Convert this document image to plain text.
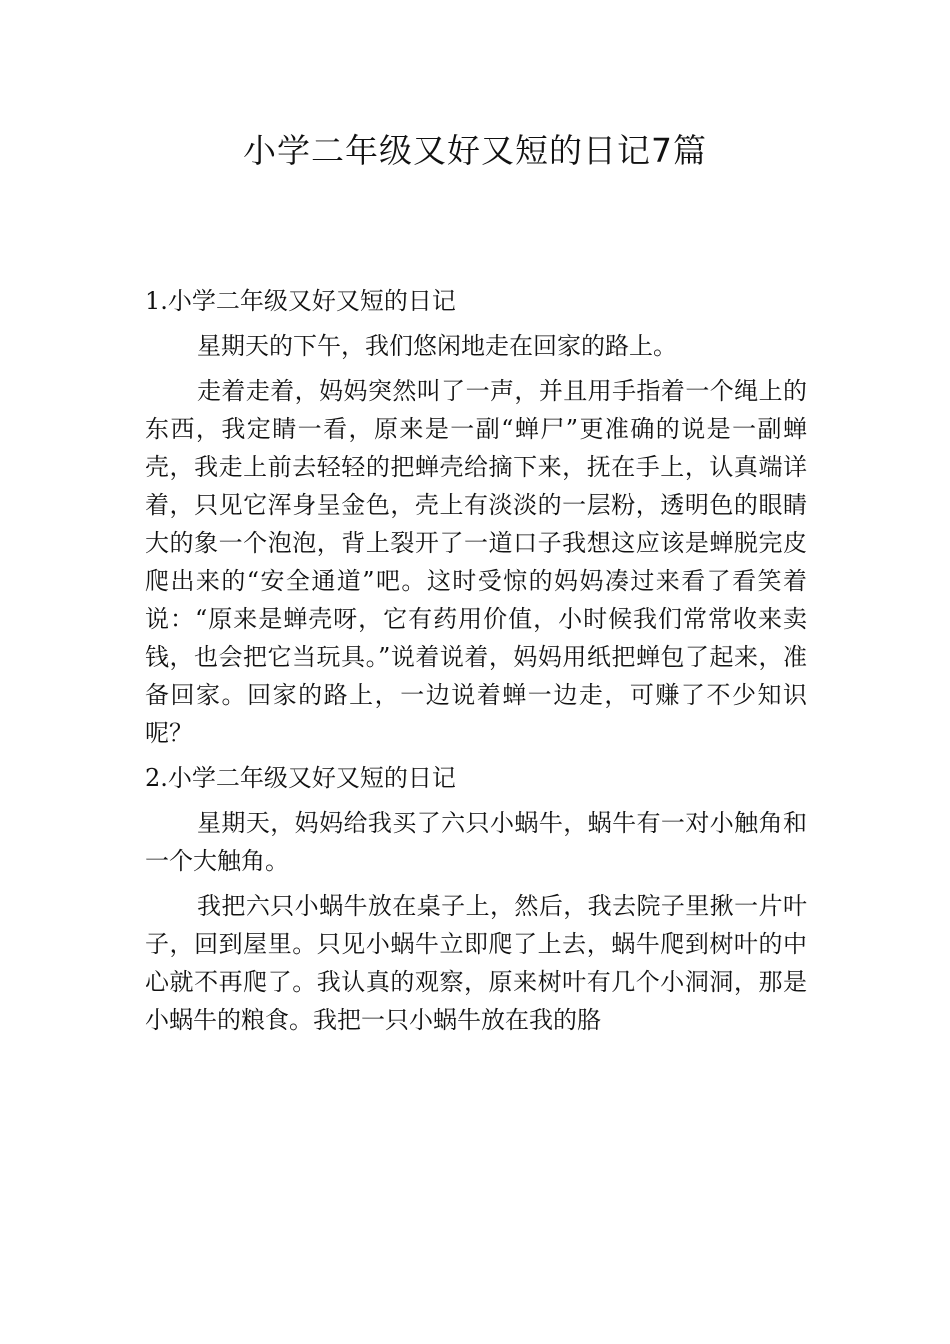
小学二年级又好又短的日记7篇

1.小学二年级又好又短的日记

星期天的下午，我们悠闲地走在回家的路上。

走着走着，妈妈突然叫了一声，并且用手指着一个绳上的东西，我定睛一看，原来是一副“蝉尸”更准确的说是一副蝉壳，我走上前去轻轻的把蝉壳给摘下来，抚在手上，认真端详着，只见它浑身呈金色，壳上有淡淡的一层粉，透明色的眼睛大的象一个泡泡，背上裂开了一道口子我想这应该是蝉脱完皮爬出来的“安全通道”吧。这时受惊的妈妈凑过来看了看笑着说：“原来是蝉壳呀，它有药用价值，小时候我们常常收来卖钱，也会把它当玩具。”说着说着，妈妈用纸把蝉包了起来，准备回家。回家的路上，一边说着蝉一边走，可赚了不少知识呢？

2.小学二年级又好又短的日记

星期天，妈妈给我买了六只小蜗牛，蜗牛有一对小触角和一个大触角。

我把六只小蜗牛放在桌子上，然后，我去院子里揪一片叶子，回到屋里。只见小蜗牛立即爬了上去，蜗牛爬到树叶的中心就不再爬了。我认真的观察，原来树叶有几个小洞洞，那是小蜗牛的粮食。我把一只小蜗牛放在我的胳
